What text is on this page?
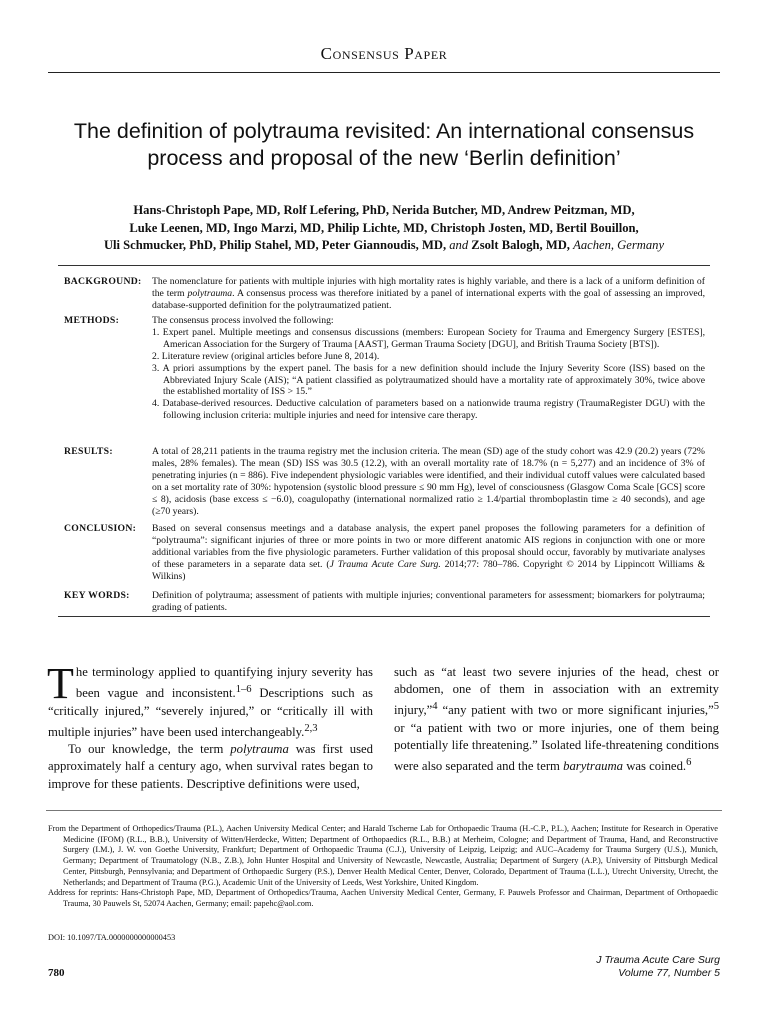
Consensus Paper
The definition of polytrauma revisited: An international consensus process and proposal of the new ‘Berlin definition’
Hans-Christoph Pape, MD, Rolf Lefering, PhD, Nerida Butcher, MD, Andrew Peitzman, MD,
Luke Leenen, MD, Ingo Marzi, MD, Philip Lichte, MD, Christoph Josten, MD, Bertil Bouillon,
Uli Schmucker, PhD, Philip Stahel, MD, Peter Giannoudis, MD, and Zsolt Balogh, MD, Aachen, Germany
BACKGROUND: The nomenclature for patients with multiple injuries with high mortality rates is highly variable, and there is a lack of a uniform definition of the term polytrauma. A consensus process was therefore initiated by a panel of international experts with the goal of assessing an improved, database-supported definition for the polytraumatized patient.

METHODS:	The consensus process involved the following:

1. Expert panel. Multiple meetings and consensus discussions (members: European Society for Trauma and Emergency Surgery [ESTES], American Association for the Surgery of Trauma [AAST], German Trauma Society [DGU], and British Trauma Society [BTS]).

2. Literature review (original articles before June 8, 2014).

3. A priori assumptions by the expert panel. The basis for a new definition should include the Injury Severity Score (ISS) based on the Abbreviated Injury Scale (AIS); “A patient classified as polytraumatized should have a mortality rate of approximately 30%, twice above the established mortality of ISS > 15.”

4. Database-derived resources. Deductive calculation of parameters based on a nationwide trauma registry (TraumaRegister DGU) with the following inclusion criteria: multiple injuries and need for intensive care therapy.

RESULTS:	A total of 28,211 patients in the trauma registry met the inclusion criteria. The mean (SD) age of the study cohort was 42.9 (20.2) years (72% males, 28% females). The mean (SD) ISS was 30.5 (12.2), with an overall mortality rate of 18.7% (n = 5,277) and an incidence of 3% of penetrating injuries (n = 886). Five independent physiologic variables were identified, and their individual cutoff values were calculated based on a set mortality rate of 30%: hypotension (systolic blood pressure ≤ 90 mm Hg), level of consciousness (Glasgow Coma Scale [GCS] score ≤ 8), acidosis (base excess ≤ −6.0), coagulopathy (international normalized ratio ≥ 1.4/partial thromboplastin time ≥ 40 seconds), and age (≥70 years).

CONCLUSION: Based on several consensus meetings and a database analysis, the expert panel proposes the following parameters for a definition of “polytrauma”: significant injuries of three or more points in two or more different anatomic AIS regions in conjunction with one or more additional variables from the five physiologic parameters. Further validation of this proposal should occur, favorably by mutivariate analyses of these parameters in a separate data set. (J Trauma Acute Care Surg. 2014;77: 780–786. Copyright © 2014 by Lippincott Williams & Wilkins)

KEY WORDS: Definition of polytrauma; assessment of patients with multiple injuries; conventional parameters for assessment; biomarkers for polytrauma; grading of patients.

The terminology applied to quantifying injury severity has been vague and inconsistent.$^{1-6}$ Descriptions such as “critically injured,” “severely injured,” or “critically ill with multiple injuries” have been used interchangeably.$^{2,3}$

To our knowledge, the term polytrauma was first used approximately half a century ago, when survival rates began to improve for these patients. Descriptive definitions were used,

such as “at least two severe injuries of the head, chest or abdomen, one of them in association with an extremity injury,”$^4$ “any patient with two or more significant injuries,”$^5$ or “a patient with two or more injuries, one of them being potentially life threatening.” Isolated life-threatening conditions were also separated and the term barytrauma was coined.$^6$

From the Department of Orthopedics/Trauma (P.L.), Aachen University Medical Center; and Harald Tscherne Lab for Orthopaedic Trauma (H.-C.P., P.L.), Aachen; Institute for Research in Operative Medicine (IFOM) (R.L., B.B.), University of Witten/Herdecke, Witten; Department of Orthopaedics (R.L., B.B.) at Merheim, Cologne; and Department of Trauma, Hand, and Reconstructive Surgery (I.M.), J. W. von Goethe University, Frankfurt; Department of Orthopaedic Trauma (C.J.), University of Leipzig, Leipzig; and AUC–Academy for Trauma Surgery (U.S.), Munich, Germany; Department of Traumatology (N.B., Z.B.), John Hunter Hospital and University of Newcastle, Newcastle, Australia; Department of Surgery (A.P.), University of Pittsburgh Medical Center, Pittsburgh, Pennsylvania; and Department of Orthopaedic Surgery (P.S.), Denver Health Medical Center, Denver, Colorado, Department of Trauma (L.L.), Utrecht University, Utrecht, the Netherlands; and Department of Trauma (P.G.), Academic Unit of the University of Leeds, West Yorkshire, United Kingdom.

Address for reprints: Hans-Christoph Pape, MD, Department of Orthopedics/Trauma, Aachen University Medical Center, Germany, F. Pauwels Professor and Chairman, Department of Orthopaedic Trauma, 30 Pauwels St, 52074 Aachen, Germany; email: papehc@aol.com.

DOI: 10.1097/TA.0000000000000453
780
J Trauma Acute Care Surg
Volume 77, Number 5
